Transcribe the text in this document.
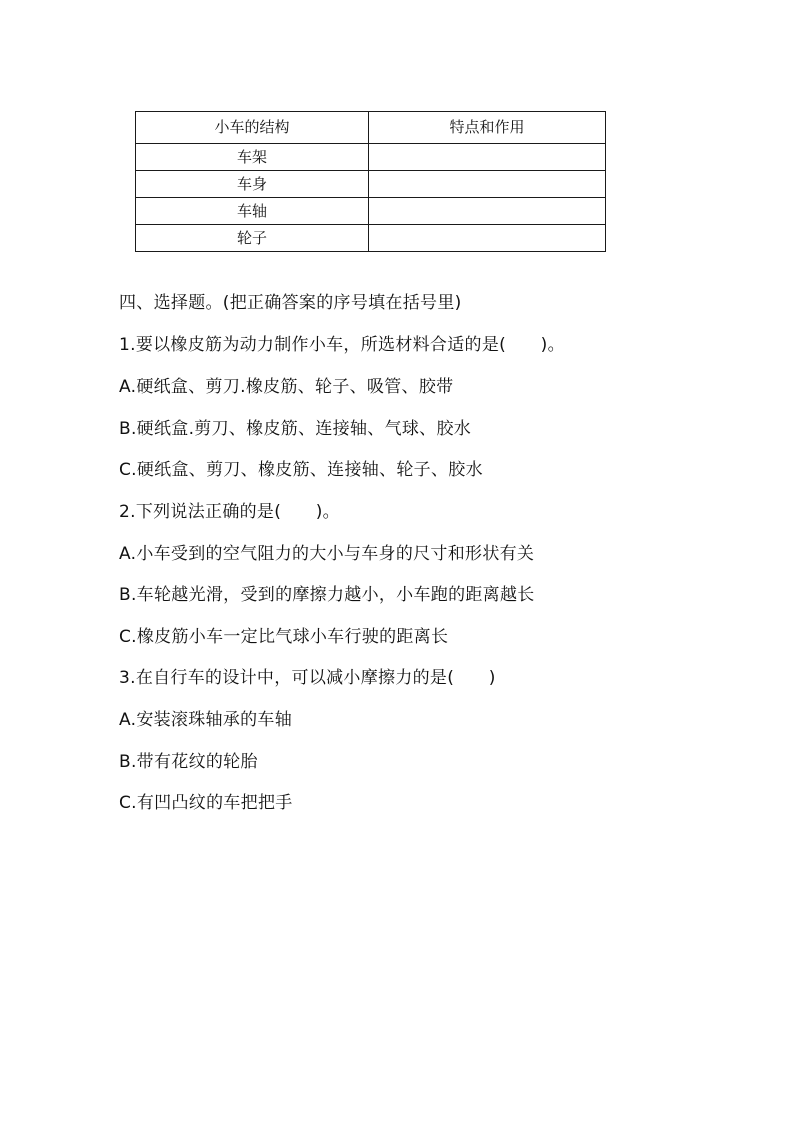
小车的结构	特点和作用
车架	
车身	
车轴	
轮子	
四、选择题。(把正确答案的序号填在括号里)
1.要以橡皮筋为动力制作小车，所选材料合适的是(　　)。
A.硬纸盒、剪刀.橡皮筋、轮子、吸管、胶带
B.硬纸盒.剪刀、橡皮筋、连接轴、气球、胶水
C.硬纸盒、剪刀、橡皮筋、连接轴、轮子、胶水
2.下列说法正确的是(　　)。
A.小车受到的空气阻力的大小与车身的尺寸和形状有关
B.车轮越光滑，受到的摩擦力越小，小车跑的距离越长
C.橡皮筋小车一定比气球小车行驶的距离长
3.在自行车的设计中，可以减小摩擦力的是(　　)
A.安装滚珠轴承的车轴
B.带有花纹的轮胎
C.有凹凸纹的车把把手
